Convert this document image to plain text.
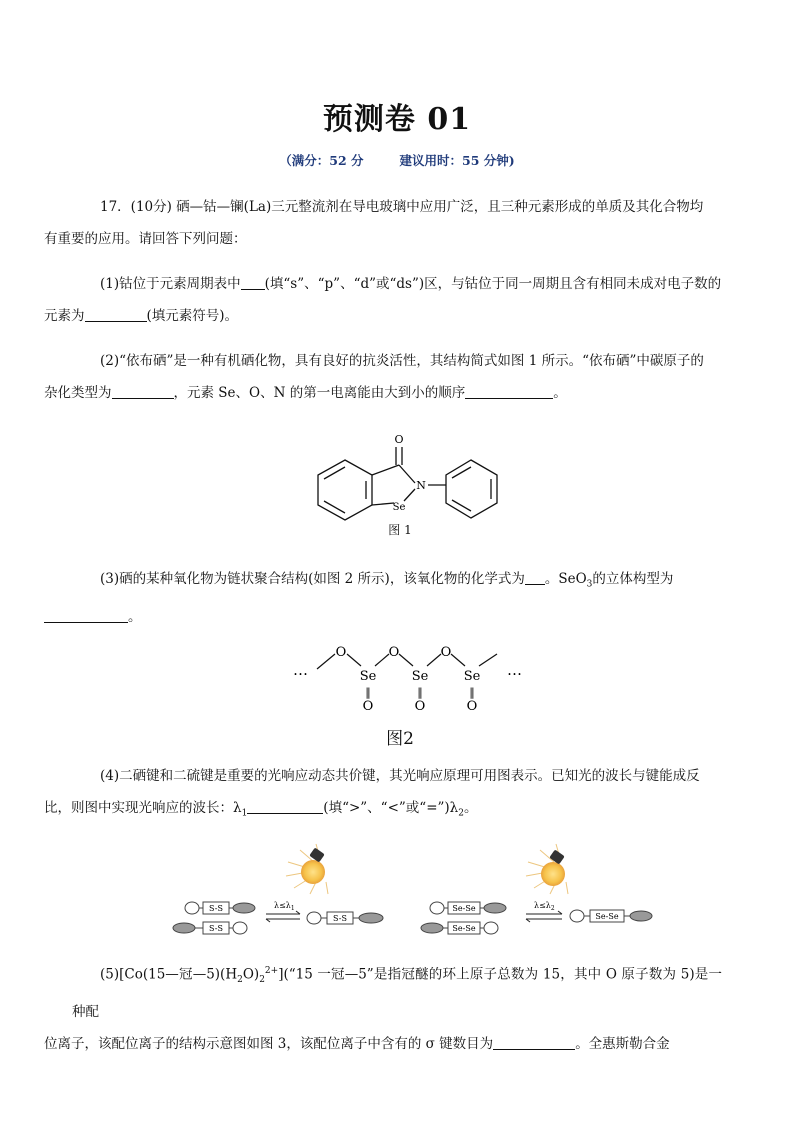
预测卷 01
（满分：52 分	建议用时：55 分钟)
17．(10分) 硒—钴—镧(La)三元整流剂在导电玻璃中应用广泛，且三种元素形成的单质及其化合物均
有重要的应用。请回答下列问题：
(1)钴位于元素周期表中 (填“s”、“p”、“d”或“ds”)区，与钴位于同一周期且含有相同未成对电子数的
元素为	(填元素符号)。
(2)“依布硒”是一种有机硒化物，具有良好的抗炎活性，其结构简式如图 1 所示。“依布硒”中碳原子的
杂化类型为	，元素 Se、O、N 的第一电离能由大到小的顺序	。
O
N
Se
图 1
(3)硒的某种氧化物为链状聚合结构(如图 2 所示)，该氧化物的化学式为 。SeO$_3$的立体构型为
。
…
O
Se
‖
O
O
Se
‖
O
O
Se
‖
O
…
图2
(4)二硒键和二硫键是重要的光响应动态共价键，其光响应原理可用图表示。已知光的波长与键能成反
比，则图中实现光响应的波长：$\lambda_1$	(填“>”、“<”或“$=”)\lambda_2$。
S-S
S-S
$\lambda\le\lambda_1$
S-S
Se-Se
Se-Se
$\lambda\le\lambda_2$
Se-Se
(5)[Co(15—冠$—5)(H_2O)_2^{2+}](“15$ 一冠—5”是指冠醚的环上原子总数为 15，其中 O 原子数为 5)是一种配
位离子，该配位离子的结构示意图如图 3，该配位离子中含有的 σ 键数目为	。全惠斯勒合金
